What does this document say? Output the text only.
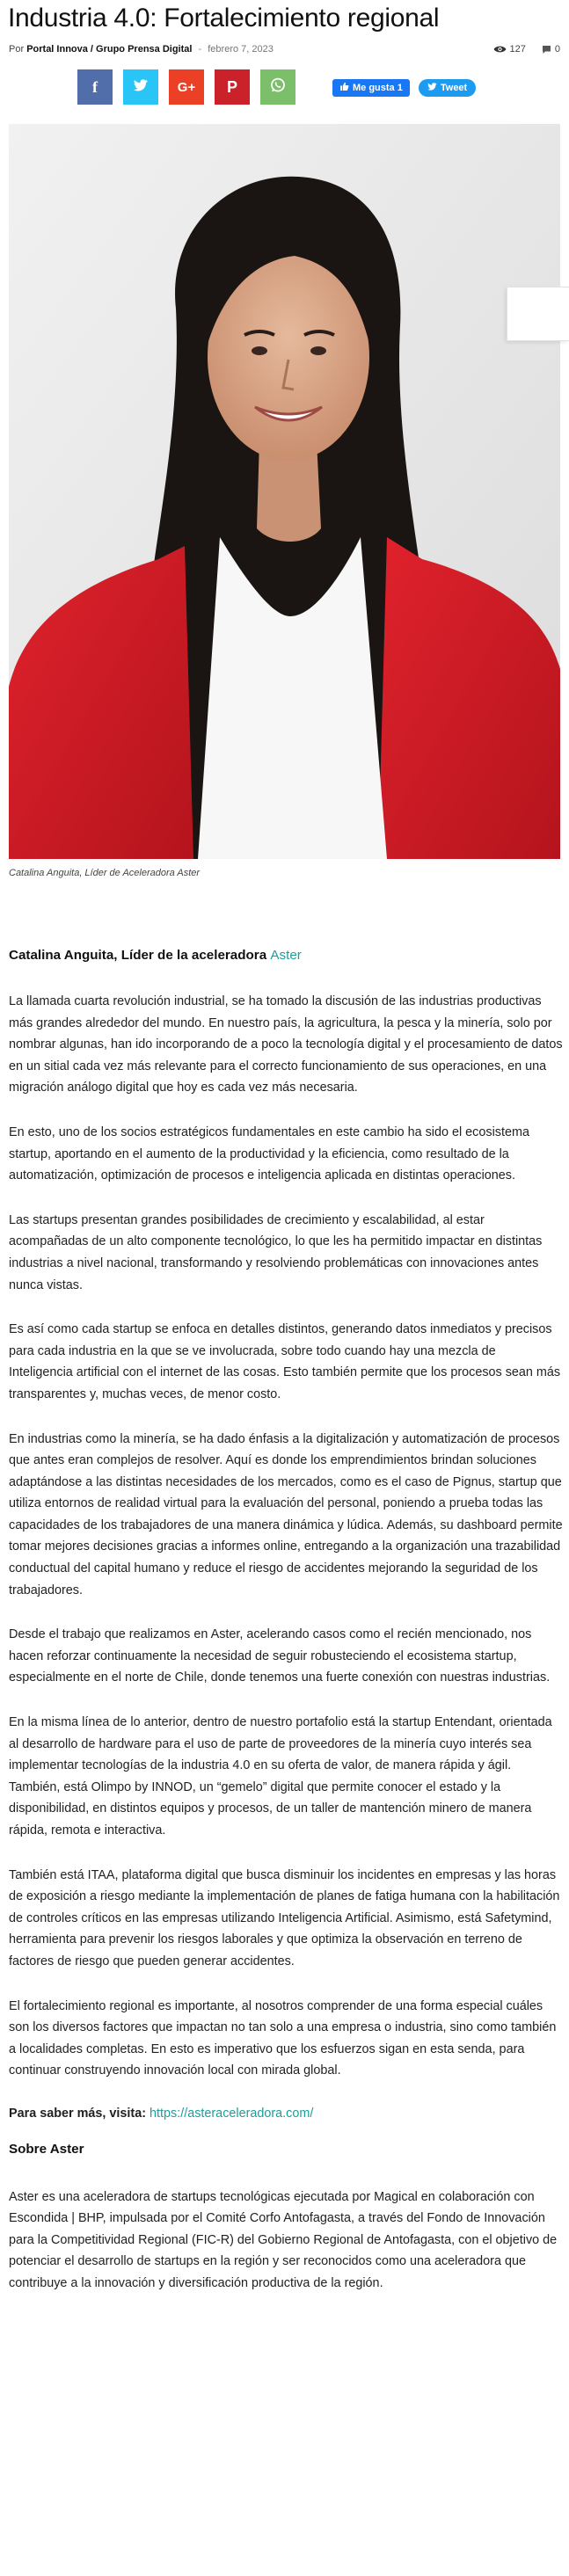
Industria 4.0: Fortalecimiento regional
Por Portal Innova / Grupo Prensa Digital - febrero 7, 2023	127	0
f	G+ P	Me gusta 1	Tweet
Catalina Anguita, Líder de Aceleradora Aster
Catalina Anguita, Líder de la aceleradora Aster

La llamada cuarta revolución industrial, se ha tomado la discusión de las industrias productivas más grandes alrededor del mundo. En nuestro país, la agricultura, la pesca y la minería, solo por nombrar algunas, han ido incorporando de a poco la tecnología digital y el procesamiento de datos en un sitial cada vez más relevante para el correcto funcionamiento de sus operaciones, en una migración análogo digital que hoy es cada vez más necesaria.

En esto, uno de los socios estratégicos fundamentales en este cambio ha sido el ecosistema startup, aportando en el aumento de la productividad y la eficiencia, como resultado de la automatización, optimización de procesos e inteligencia aplicada en distintas operaciones.

Las startups presentan grandes posibilidades de crecimiento y escalabilidad, al estar acompañadas de un alto componente tecnológico, lo que les ha permitido impactar en distintas industrias a nivel nacional, transformando y resolviendo problemáticas con innovaciones antes nunca vistas.

Es así como cada startup se enfoca en detalles distintos, generando datos inmediatos y precisos para cada industria en la que se ve involucrada, sobre todo cuando hay una mezcla de Inteligencia artificial con el internet de las cosas. Esto también permite que los procesos sean más transparentes y, muchas veces, de menor costo.

En industrias como la minería, se ha dado énfasis a la digitalización y automatización de procesos que antes eran complejos de resolver. Aquí es donde los emprendimientos brindan soluciones adaptándose a las distintas necesidades de los mercados, como es el caso de Pignus, startup que utiliza entornos de realidad virtual para la evaluación del personal, poniendo a prueba todas las capacidades de los trabajadores de una manera dinámica y lúdica. Además, su dashboard permite tomar mejores decisiones gracias a informes online, entregando a la organización una trazabilidad conductual del capital humano y reduce el riesgo de accidentes mejorando la seguridad de los trabajadores.

Desde el trabajo que realizamos en Aster, acelerando casos como el recién mencionado, nos hacen reforzar continuamente la necesidad de seguir robusteciendo el ecosistema startup, especialmente en el norte de Chile, donde tenemos una fuerte conexión con nuestras industrias.

En la misma línea de lo anterior, dentro de nuestro portafolio está la startup Entendant, orientada al desarrollo de hardware para el uso de parte de proveedores de la minería cuyo interés sea implementar tecnologías de la industria 4.0 en su oferta de valor, de manera rápida y ágil. También, está Olimpo by INNOD, un “gemelo” digital que permite conocer el estado y la disponibilidad, en distintos equipos y procesos, de un taller de mantención minero de manera rápida, remota e interactiva.

También está ITAA, plataforma digital que busca disminuir los incidentes en empresas y las horas de exposición a riesgo mediante la implementación de planes de fatiga humana con la habilitación de controles críticos en las empresas utilizando Inteligencia Artificial. Asimismo, está Safetymind, herramienta para prevenir los riesgos laborales y que optimiza la observación en terreno de factores de riesgo que pueden generar accidentes.

El fortalecimiento regional es importante, al nosotros comprender de una forma especial cuáles son los diversos factores que impactan no tan solo a una empresa o industria, sino como también a localidades completas. En esto es imperativo que los esfuerzos sigan en esta senda, para continuar construyendo innovación local con mirada global.

Para saber más, visita: https://asteraceleradora.com/

Sobre Aster

Aster es una aceleradora de startups tecnológicas ejecutada por Magical en colaboración con Escondida | BHP, impulsada por el Comité Corfo Antofagasta, a través del Fondo de Innovación para la Competitividad Regional (FIC-R) del Gobierno Regional de Antofagasta, con el objetivo de potenciar el desarrollo de startups en la región y ser reconocidos como una aceleradora que contribuye a la innovación y diversificación productiva de la región.
